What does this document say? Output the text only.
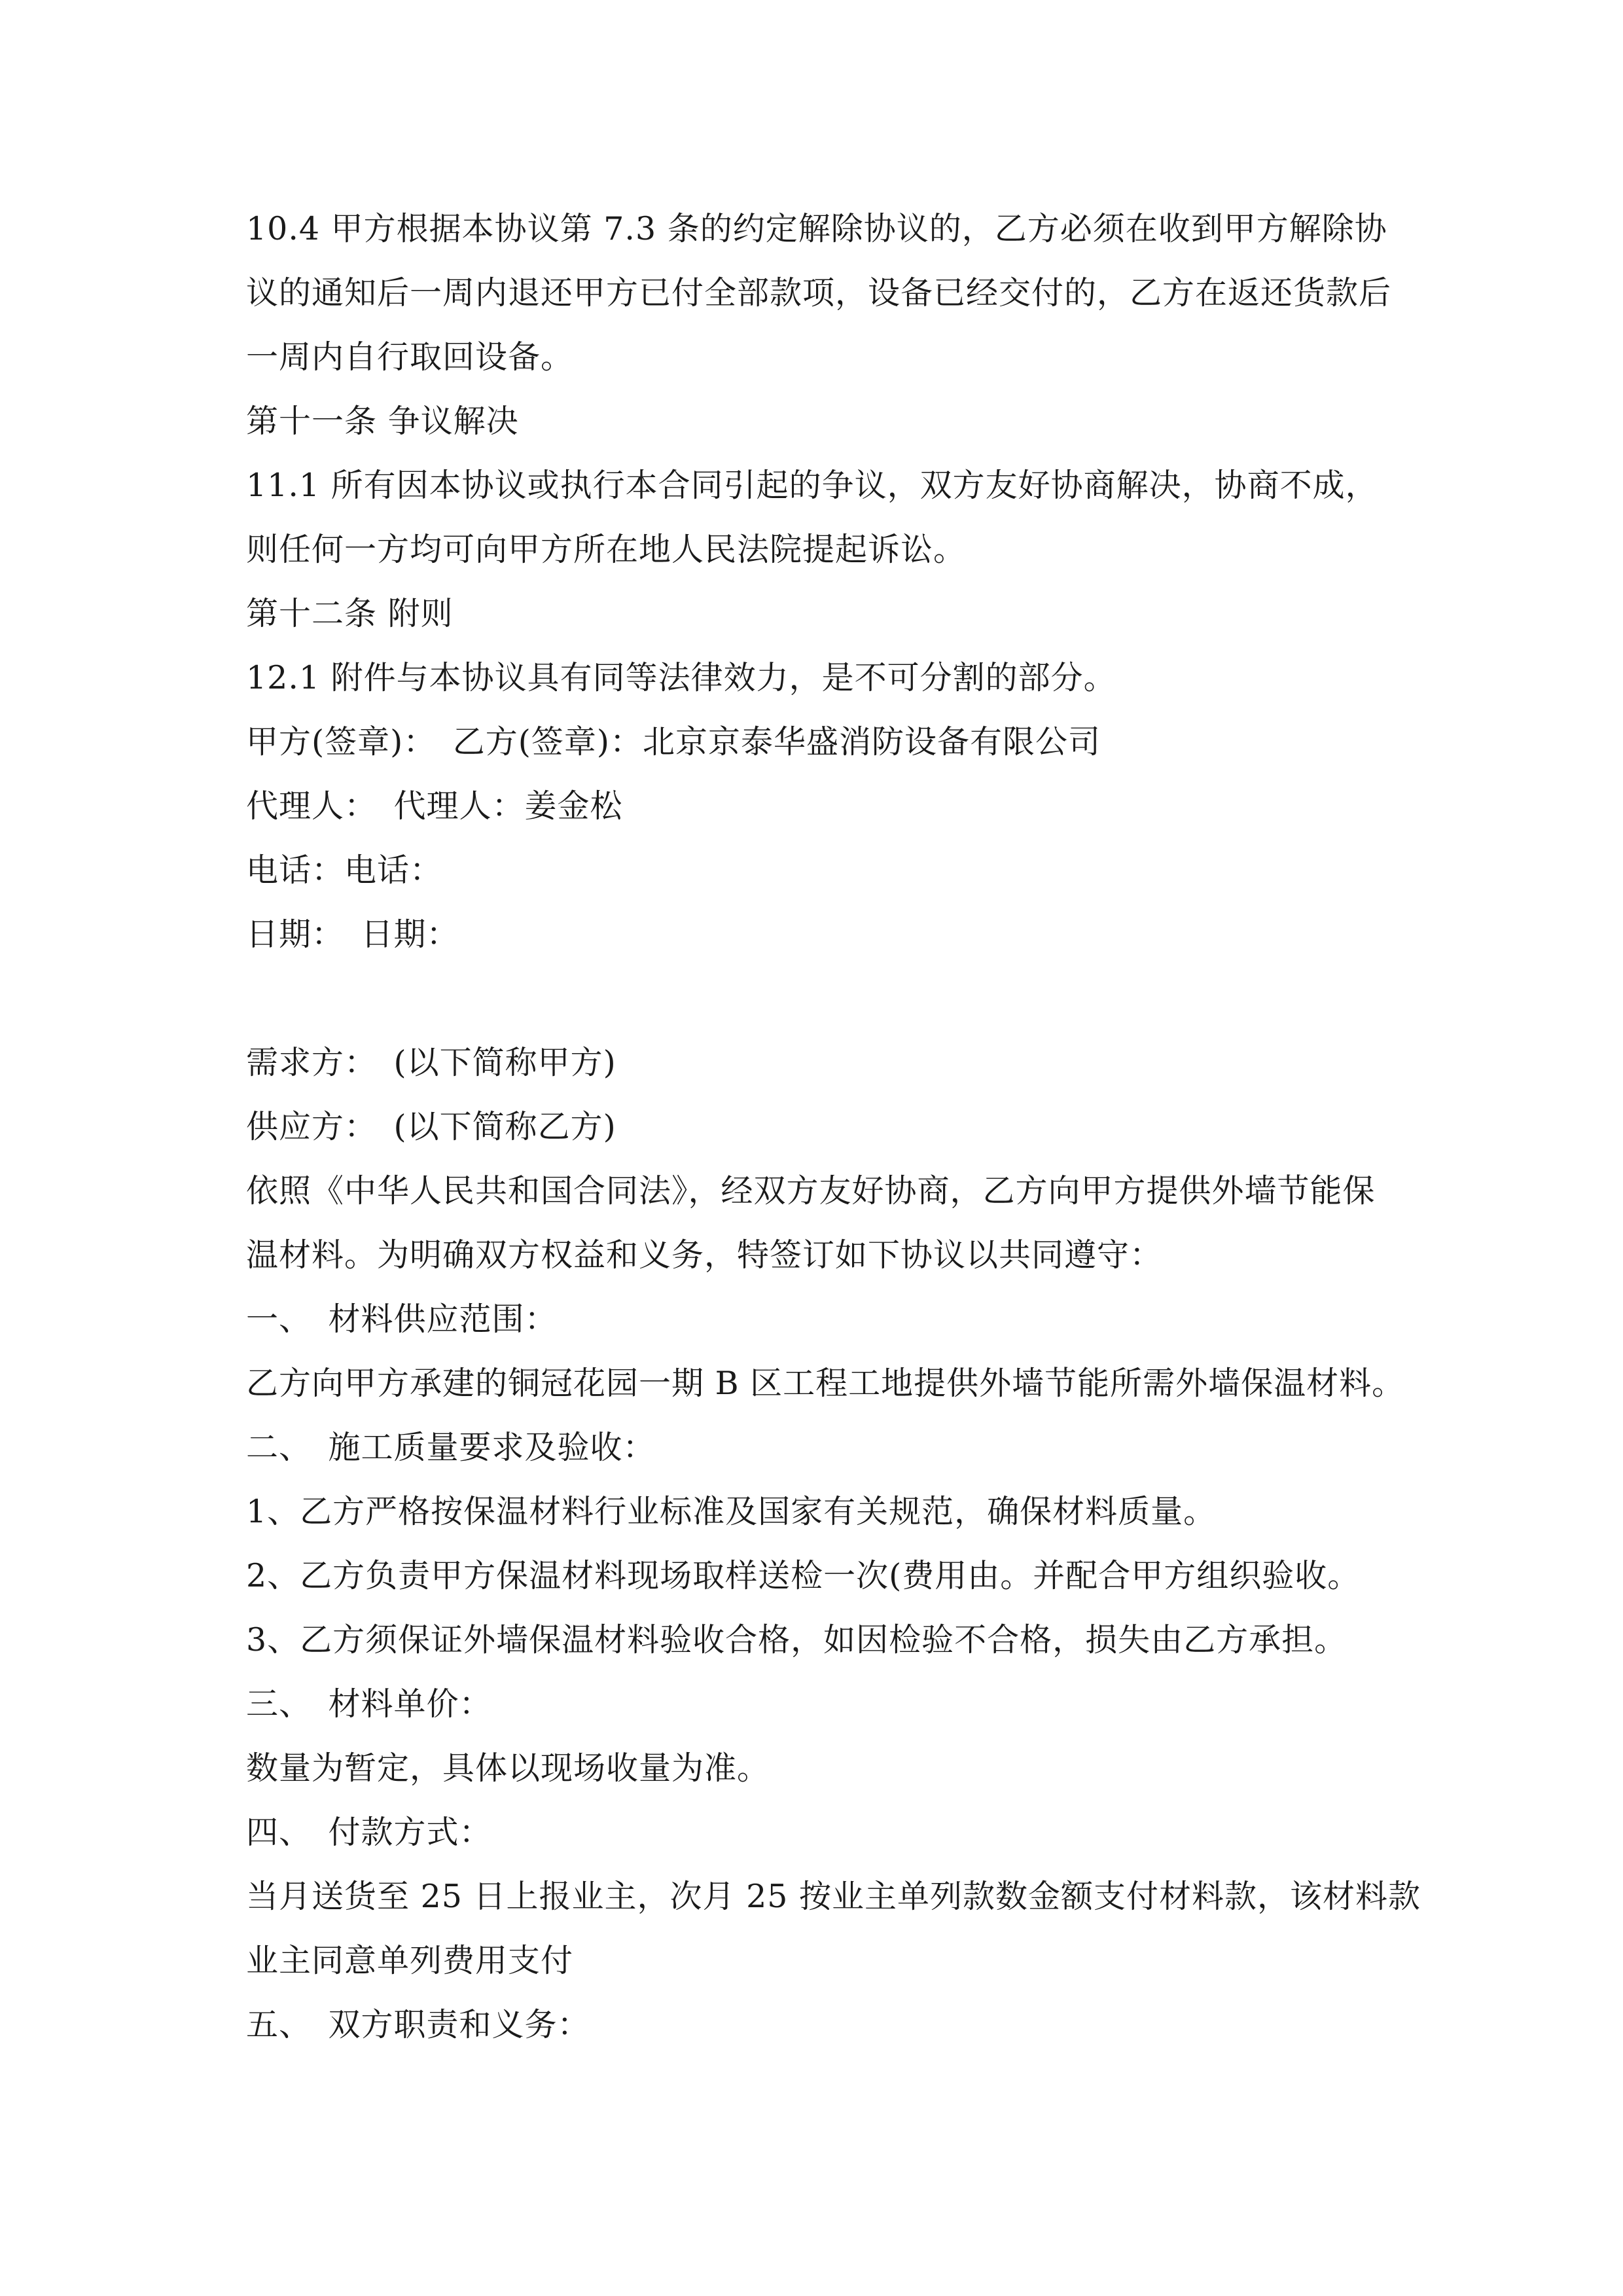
10.4 甲方根据本协议第 7.3 条的约定解除协议的，乙方必须在收到甲方解除协
议的通知后一周内退还甲方已付全部款项，设备已经交付的，乙方在返还货款后
一周内自行取回设备。
第十一条 争议解决
11.1 所有因本协议或执行本合同引起的争议，双方友好协商解决，协商不成，
则任何一方均可向甲方所在地人民法院提起诉讼。
第十二条 附则
12.1 附件与本协议具有同等法律效力，是不可分割的部分。
甲方(签章)：　乙方(签章)：北京京泰华盛消防设备有限公司
代理人：　代理人：姜金松
电话：电话：
日期：　日期：
需求方：　(以下简称甲方)
供应方：　(以下简称乙方)
依照《中华人民共和国合同法》，经双方友好协商，乙方向甲方提供外墙节能保
温材料。为明确双方权益和义务，特签订如下协议以共同遵守：
一、　材料供应范围：
乙方向甲方承建的铜冠花园一期 B 区工程工地提供外墙节能所需外墙保温材料。
二、　施工质量要求及验收：
1、乙方严格按保温材料行业标准及国家有关规范，确保材料质量。
2、乙方负责甲方保温材料现场取样送检一次(费用由。并配合甲方组织验收。
3、乙方须保证外墙保温材料验收合格，如因检验不合格，损失由乙方承担。
三、　材料单价：
数量为暂定，具体以现场收量为准。
四、　付款方式：
当月送货至 25 日上报业主，次月 25 按业主单列款数金额支付材料款，该材料款
业主同意单列费用支付
五、　双方职责和义务：
